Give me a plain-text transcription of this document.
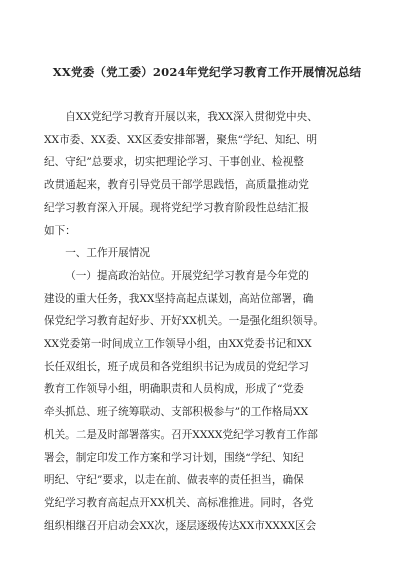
XX党委（党工委）2024年党纪学习教育工作开展情况总结

自XX党纪学习教育开展以来，我XX深入贯彻党中央、
XX市委、XX委、XX区委安排部署，聚焦“学纪、知纪、明
纪、守纪”总要求，切实把理论学习、干事创业、检视整
改贯通起来，教育引导党员干部学思践悟，高质量推动党
纪学习教育深入开展。现将党纪学习教育阶段性总结汇报
如下：

一、工作开展情况

（一）提高政治站位。开展党纪学习教育是今年党的
建设的重大任务，我XX坚持高起点谋划，高站位部署，确
保党纪学习教育起好步、开好XX机关。一是强化组织领导。
XX党委第一时间成立工作领导小组，由XX党委书记和XX
长任双组长，班子成员和各党组织书记为成员的党纪学习
教育工作领导小组，明确职责和人员构成，形成了“党委
牵头抓总、班子统筹联动、支部积极参与”的工作格局XX
机关。二是及时部署落实。召开XXXX党纪学习教育工作部
署会，制定印发工作方案和学习计划，围绕“学纪、知纪
明纪、守纪”要求，以走在前、做表率的责任担当，确保
党纪学习教育高起点开XX机关、高标准推进。同时，各党
组织相继召开启动会XX次，逐层逐级传达XX市XXXX区会
